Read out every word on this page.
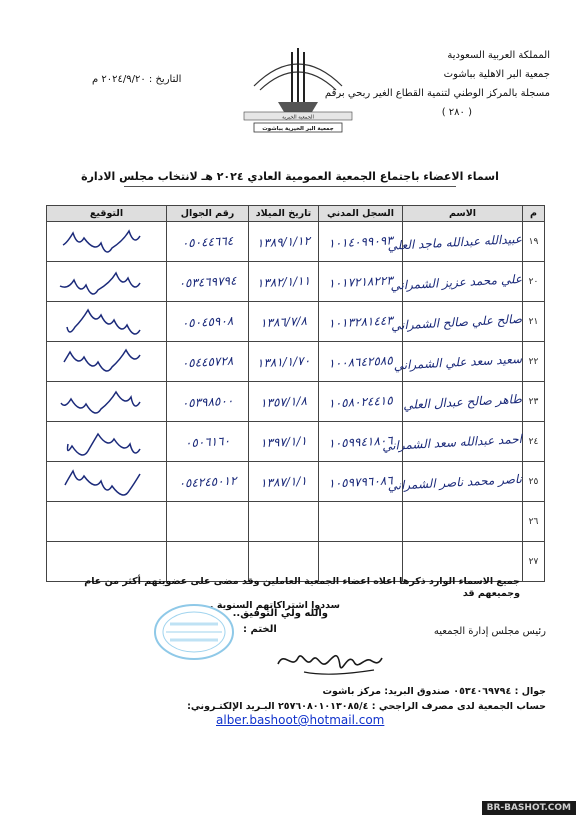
المملكة العربية السعودية
جمعية البر الاهلية بباشوت
مسجلة بالمركز الوطني لتنمية القطاع الغير ربحي برقم
( ٢٨٠ )
التاريخ : ٢٠٢٤/٩/٢٠ م
الجمعية الخيرية
جمعية البر الخيرية بباشوت
اسماء الاعضاء باجتماع الجمعية العمومية العادي ٢٠٢٤ هـ لانتخاب مجلس الادارة
م	الاسم	السجل المدني	تاريخ الميلاد	رقم الجوال	التوقيع
١٩	عبيدالله عبدالله ماجد العلي	١٠١٤٠٩٩٠٩٣	١٣٨٩/١/١٢	٠٥٠٤٤٦٦٤

٢٠	علي محمد عزيز الشمراني	١٠١٧٢١٨٢٢٣	١٣٨٢/١/١١	٠٥٣٤٦٩٧٩٤

٢١	صالح علي صالح الشمراني	١٠١٣٢٨١٤٤٣	١٣٨٦/٧/٨	٠٥٠٤٥٩٠٨

٢٢	سعيد سعد علي الشمراني	١٠٠٨٦٤٢٥٨٥	١٣٨١/١/٧٠	٠٥٤٤٥٧٢٨

٢٣	طاهر صالح عبدال العلي	١٠٥٨٠٢٤٤١٥	١٣٥٧/١/٨	٠٥٣٩٨٥٠٠

٢٤	احمد عبدالله سعد الشمراني	١٠٥٩٩٤١٨٠٦	١٣٩٧/١/١	٠٥٠٦١٦٠

٢٥	ناصر محمد ناصر الشمراني	١٠٥٩٧٩٦٠٨٦	١٣٨٧/١/١	٠٥٤٢٤٥٠١٢

٢٦	

٢٧	

جميع الاسماء الوارد ذكرها اعلاه اعضاء الجمعية العاملين وقد مضى على عضويتهم أكثر من عام وجميعهم قد
سددوا اشتراكاتهم السنوية .
والله ولي التوفيق..
الختم :	رئيس مجلس إدارة الجمعيه
جوال : ٠٥٣٤٠٦٩٧٩٤ صندوق البريد: مركز باشوت
حساب الجمعية لدى مصرف الراجحي : ٢٥٧٦٠٨٠١٠١٣٠٨٥/٤ البـريد الإلكتـروني:
alber.bashoot@hotmail.com
BR-BASHOT.COM
